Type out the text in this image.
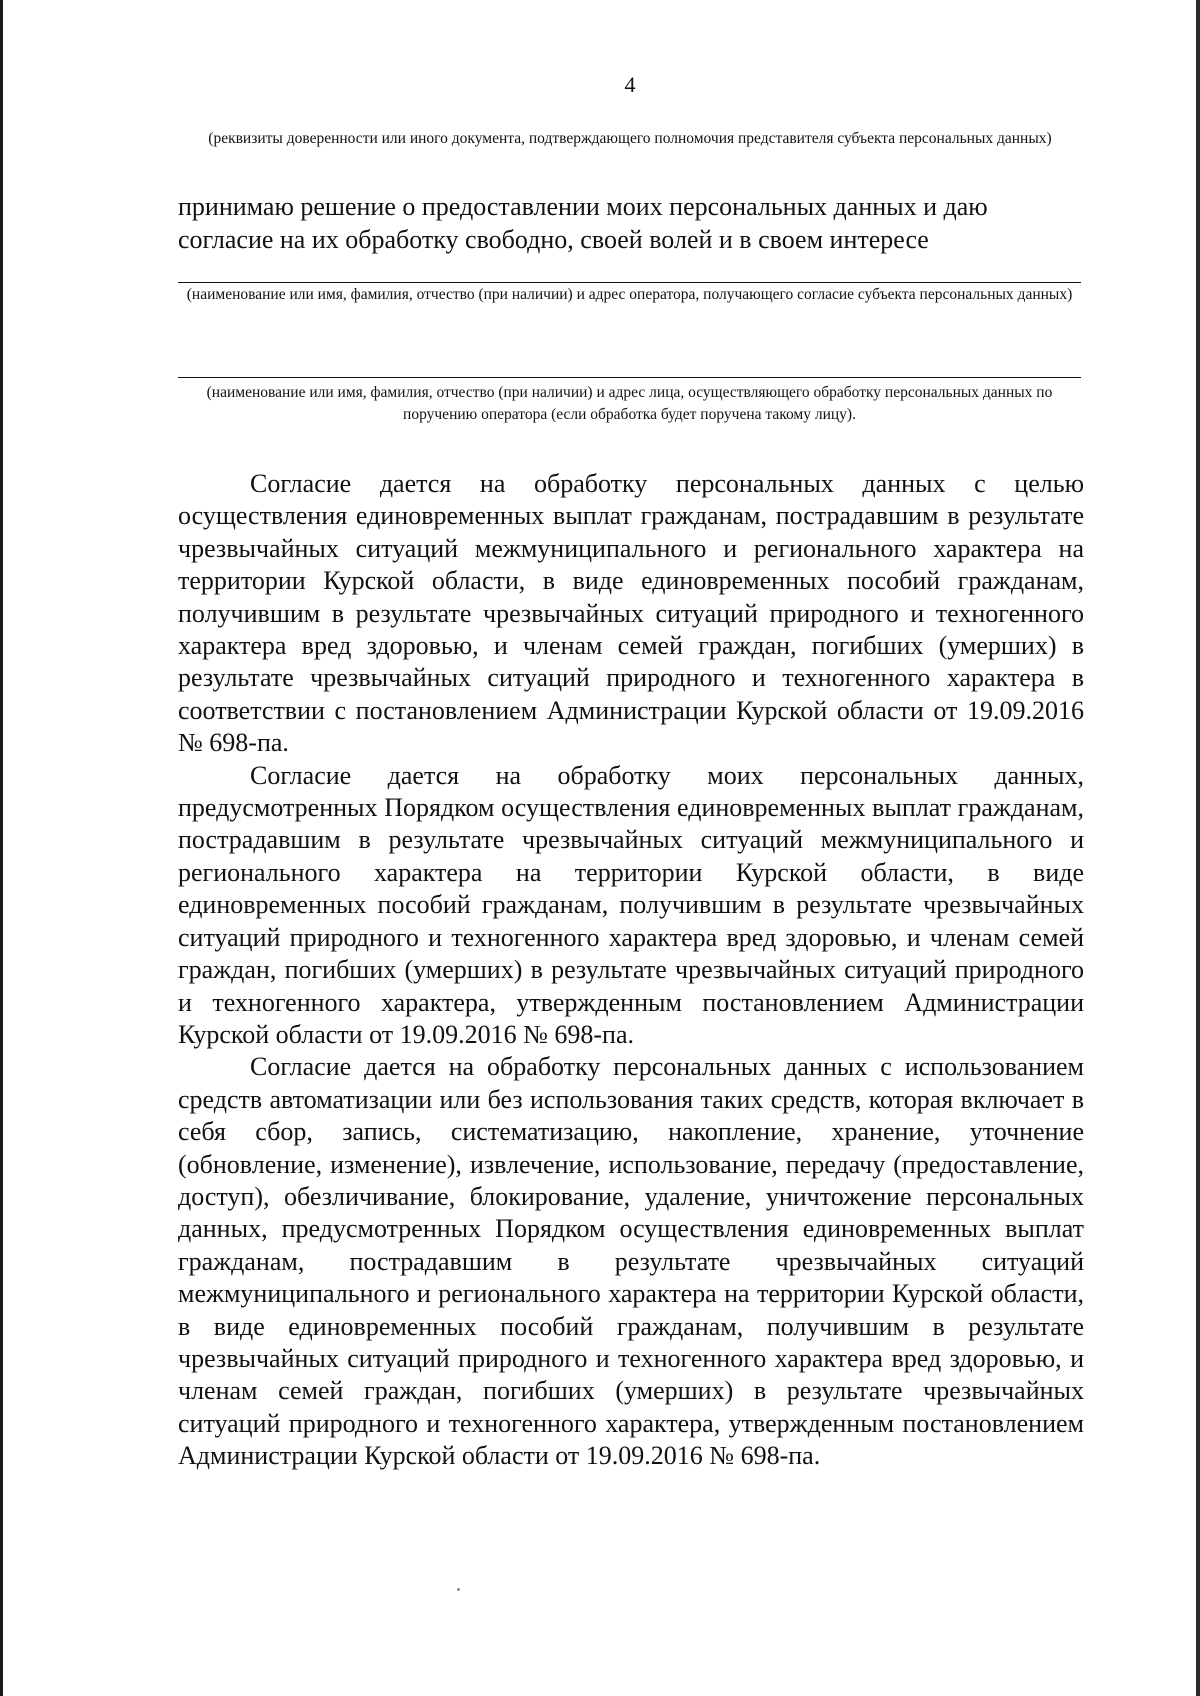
4
(реквизиты доверенности или иного документа, подтверждающего полномочия представителя субъекта персональных данных)
принимаю решение о предоставлении моих персональных данных и даю согласие на их обработку свободно, своей волей и в своем интересе
(наименование или имя, фамилия, отчество (при наличии) и адрес оператора, получающего согласие субъекта персональных данных)
(наименование или имя, фамилия, отчество (при наличии) и адрес лица, осуществляющего обработку персональных данных по поручению оператора (если обработка будет поручена такому лицу).

Согласие дается на обработку персональных данных с целью осуществления единовременных выплат гражданам, пострадавшим в результате чрезвычайных ситуаций межмуниципального и регионального характера на территории Курской области, в виде единовременных пособий гражданам, получившим в результате чрезвычайных ситуаций природного и техногенного характера вред здоровью, и членам семей граждан, погибших (умерших) в результате чрезвычайных ситуаций природного и техногенного характера в соответствии с постановлением Администрации Курской области от 19.09.2016 № 698-па.

Согласие дается на обработку моих персональных данных, предусмотренных Порядком осуществления единовременных выплат гражданам, пострадавшим в результате чрезвычайных ситуаций межмуниципального и регионального характера на территории Курской области, в виде единовременных пособий гражданам, получившим в результате чрезвычайных ситуаций природного и техногенного характера вред здоровью, и членам семей граждан, погибших (умерших) в результате чрезвычайных ситуаций природного и техногенного характера, утвержденным постановлением Администрации Курской области от 19.09.2016 № 698-па.

Согласие дается на обработку персональных данных с использованием средств автоматизации или без использования таких средств, которая включает в себя сбор, запись, систематизацию, накопление, хранение, уточнение (обновление, изменение), извлечение, использование, передачу (предоставление, доступ), обезличивание, блокирование, удаление, уничтожение персональных данных, предусмотренных Порядком осуществления единовременных выплат гражданам, пострадавшим в результате чрезвычайных ситуаций межмуниципального и регионального характера на территории Курской области, в виде единовременных пособий гражданам, получившим в результате чрезвычайных ситуаций природного и техногенного характера вред здоровью, и членам семей граждан, погибших (умерших) в результате чрезвычайных ситуаций природного и техногенного характера, утвержденным постановлением Администрации Курской области от 19.09.2016 № 698-па.
